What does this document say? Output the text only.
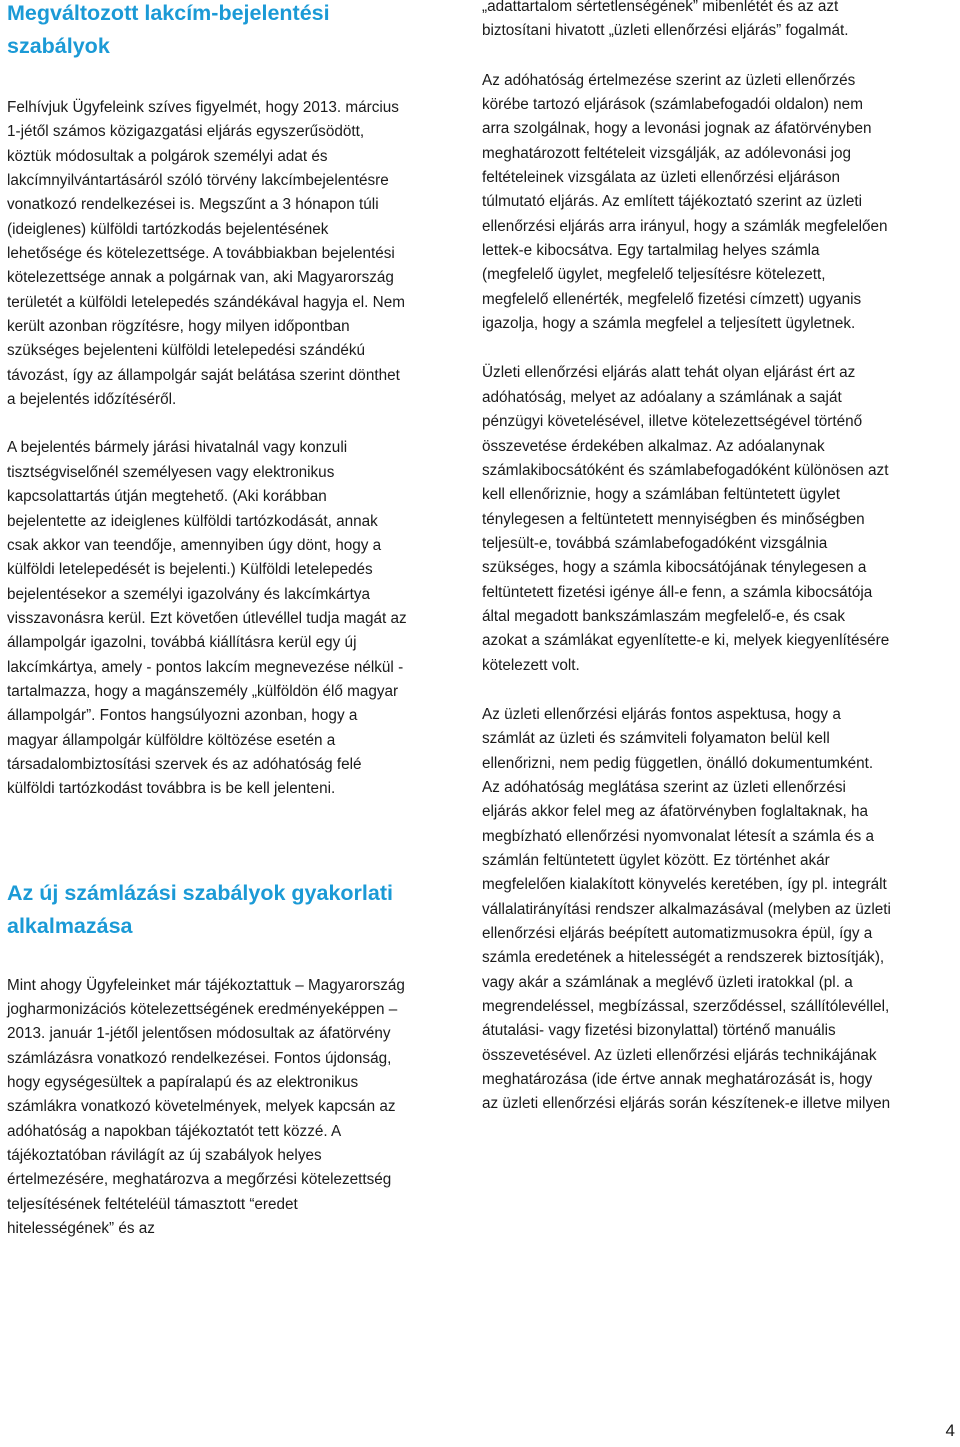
Megváltozott lakcím-bejelentési szabályok

Felhívjuk Ügyfeleink szíves figyelmét, hogy 2013. március 1-jétől számos közigazgatási eljárás egyszerűsödött, köztük módosultak a polgárok személyi adat és lakcímnyilvántartásáról szóló törvény lakcímbejelentésre vonatkozó rendelkezései is. Megszűnt a 3 hónapon túli (ideiglenes) külföldi tartózkodás bejelentésének lehetősége és kötelezettsége. A továbbiakban bejelentési kötelezettsége annak a polgárnak van, aki Magyarország területét a külföldi letelepedés szándékával hagyja el. Nem került azonban rögzítésre, hogy milyen időpontban szükséges bejelenteni külföldi letelepedési szándékú távozást, így az állampolgár saját belátása szerint dönthet a bejelentés időzítéséről.

A bejelentés bármely járási hivatalnál vagy konzuli tisztségviselőnél személyesen vagy elektronikus kapcsolattartás útján megtehető. (Aki korábban bejelentette az ideiglenes külföldi tartózkodását, annak csak akkor van teendője, amennyiben úgy dönt, hogy a külföldi letelepedését is bejelenti.) Külföldi letelepedés bejelentésekor a személyi igazolvány és lakcímkártya visszavonásra kerül. Ezt követően útlevéllel tudja magát az állampolgár igazolni, továbbá kiállításra kerül egy új lakcímkártya, amely - pontos lakcím megnevezése nélkül - tartalmazza, hogy a magánszemély „külföldön élő magyar állampolgár”. Fontos hangsúlyozni azonban, hogy a magyar állampolgár külföldre költözése esetén a társadalombiztosítási szervek és az adóhatóság felé külföldi tartózkodást továbbra is be kell jelenteni.

Az új számlázási szabályok gyakorlati alkalmazása

Mint ahogy Ügyfeleinket már tájékoztattuk – Magyarország jogharmonizációs kötelezettségének eredményeképpen – 2013. január 1-jétől jelentősen módosultak az áfatörvény számlázásra vonatkozó rendelkezései. Fontos újdonság, hogy egységesültek a papíralapú és az elektronikus számlákra vonatkozó követelmények, melyek kapcsán az adóhatóság a napokban tájékoztatót tett közzé. A tájékoztatóban rávilágít az új szabályok helyes értelmezésére, meghatározva a megőrzési kötelezettség teljesítésének feltételéül támasztott “eredet hitelességének” és az

„adattartalom sértetlenségének” mibenlétét és az azt biztosítani hivatott „üzleti ellenőrzési eljárás” fogalmát.

Az adóhatóság értelmezése szerint az üzleti ellenőrzés körébe tartozó eljárások (számlabefogadói oldalon) nem arra szolgálnak, hogy a levonási jognak az áfatörvényben meghatározott feltételeit vizsgálják, az adólevonási jog feltételeinek vizsgálata az üzleti ellenőrzési eljáráson túlmutató eljárás. Az említett tájékoztató szerint az üzleti ellenőrzési eljárás arra irányul, hogy a számlák megfelelően lettek-e kibocsátva. Egy tartalmilag helyes számla (megfelelő ügylet, megfelelő teljesítésre kötelezett, megfelelő ellenérték, megfelelő fizetési címzett) ugyanis igazolja, hogy a számla megfelel a teljesített ügyletnek.

Üzleti ellenőrzési eljárás alatt tehát olyan eljárást ért az adóhatóság, melyet az adóalany a számlának a saját pénzügyi követelésével, illetve kötelezettségével történő összevetése érdekében alkalmaz. Az adóalanynak számlakibocsátóként és számlabefogadóként különösen azt kell ellenőriznie, hogy a számlában feltüntetett ügylet ténylegesen a feltüntetett mennyiségben és minőségben teljesült-e, továbbá számlabefogadóként vizsgálnia szükséges, hogy a számla kibocsátójának ténylegesen a feltüntetett fizetési igénye áll-e fenn, a számla kibocsátója által megadott bankszámlaszám megfelelő-e, és csak azokat a számlákat egyenlítette-e ki, melyek kiegyenlítésére kötelezett volt.

Az üzleti ellenőrzési eljárás fontos aspektusa, hogy a számlát az üzleti és számviteli folyamaton belül kell ellenőrizni, nem pedig független, önálló dokumentumként. Az adóhatóság meglátása szerint az üzleti ellenőrzési eljárás akkor felel meg az áfatörvényben foglaltaknak, ha megbízható ellenőrzési nyomvonalat létesít a számla és a számlán feltüntetett ügylet között. Ez történhet akár megfelelően kialakított könyvelés keretében, így pl. integrált vállalatirányítási rendszer alkalmazásával (melyben az üzleti ellenőrzési eljárás beépített automatizmusokra épül, így a számla eredetének a hitelességét a rendszerek biztosítják), vagy akár a számlának a meglévő üzleti iratokkal (pl. a megrendeléssel, megbízással, szerződéssel, szállítólevéllel, átutalási- vagy fizetési bizonylattal) történő manuális összevetésével. Az üzleti ellenőrzési eljárás technikájának meghatározása (ide értve annak meghatározását is, hogy az üzleti ellenőrzési eljárás során készítenek-e illetve milyen

4
